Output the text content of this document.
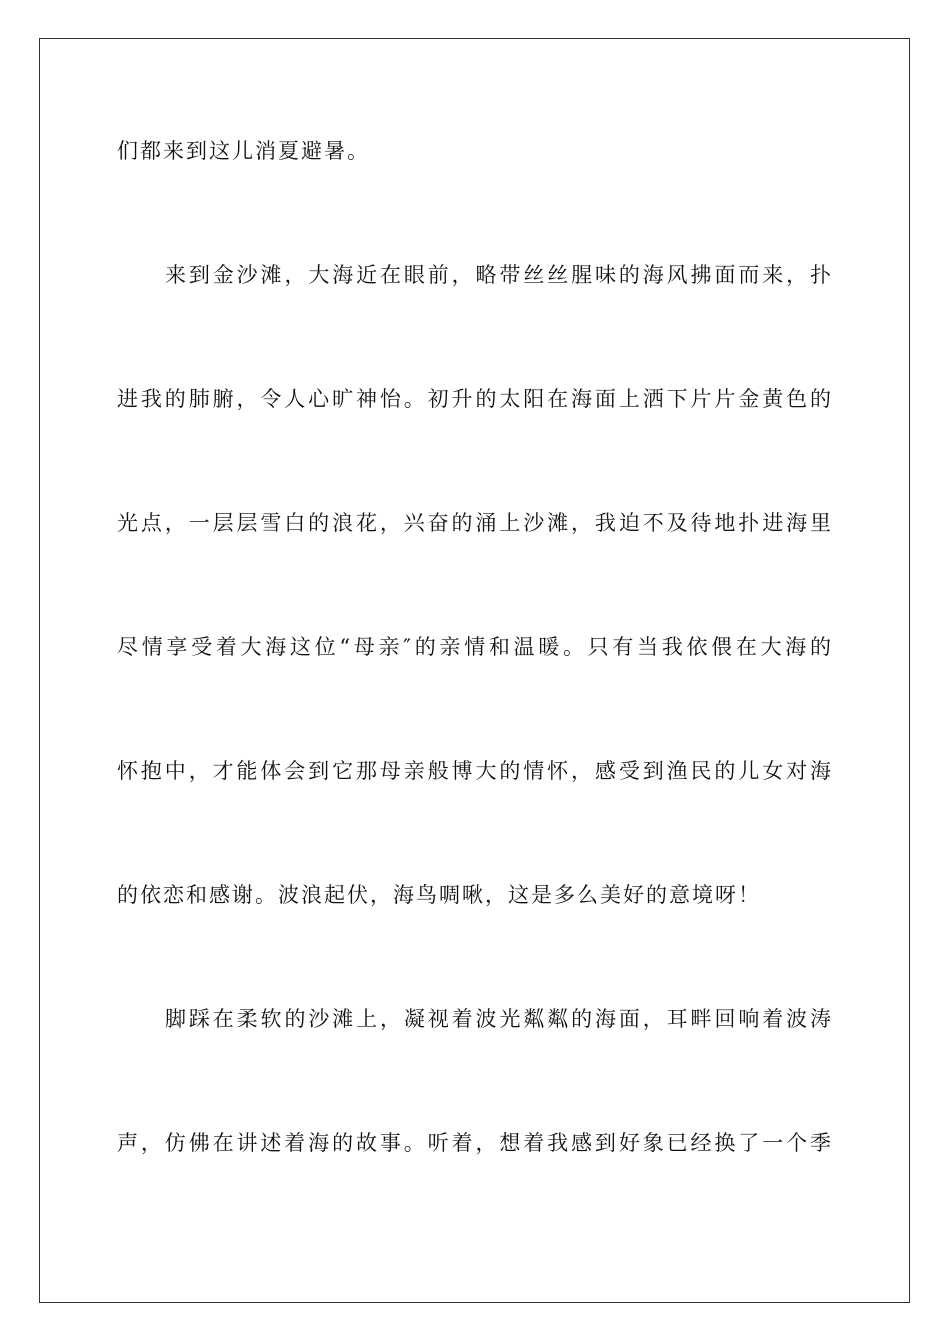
们都来到这儿消夏避暑。
来到金沙滩，大海近在眼前，略带丝丝腥味的海风拂面而来，扑
进我的肺腑，令人心旷神怡。初升的太阳在海面上洒下片片金黄色的
光点，一层层雪白的浪花，兴奋的涌上沙滩，我迫不及待地扑进海里
尽情享受着大海这位“母亲″的亲情和温暖。只有当我依偎在大海的
怀抱中，才能体会到它那母亲般博大的情怀，感受到渔民的儿女对海
的依恋和感谢。波浪起伏，海鸟啁啾，这是多么美好的意境呀！
脚踩在柔软的沙滩上，凝视着波光粼粼的海面，耳畔回响着波涛
声，仿佛在讲述着海的故事。听着，想着我感到好象已经换了一个季
